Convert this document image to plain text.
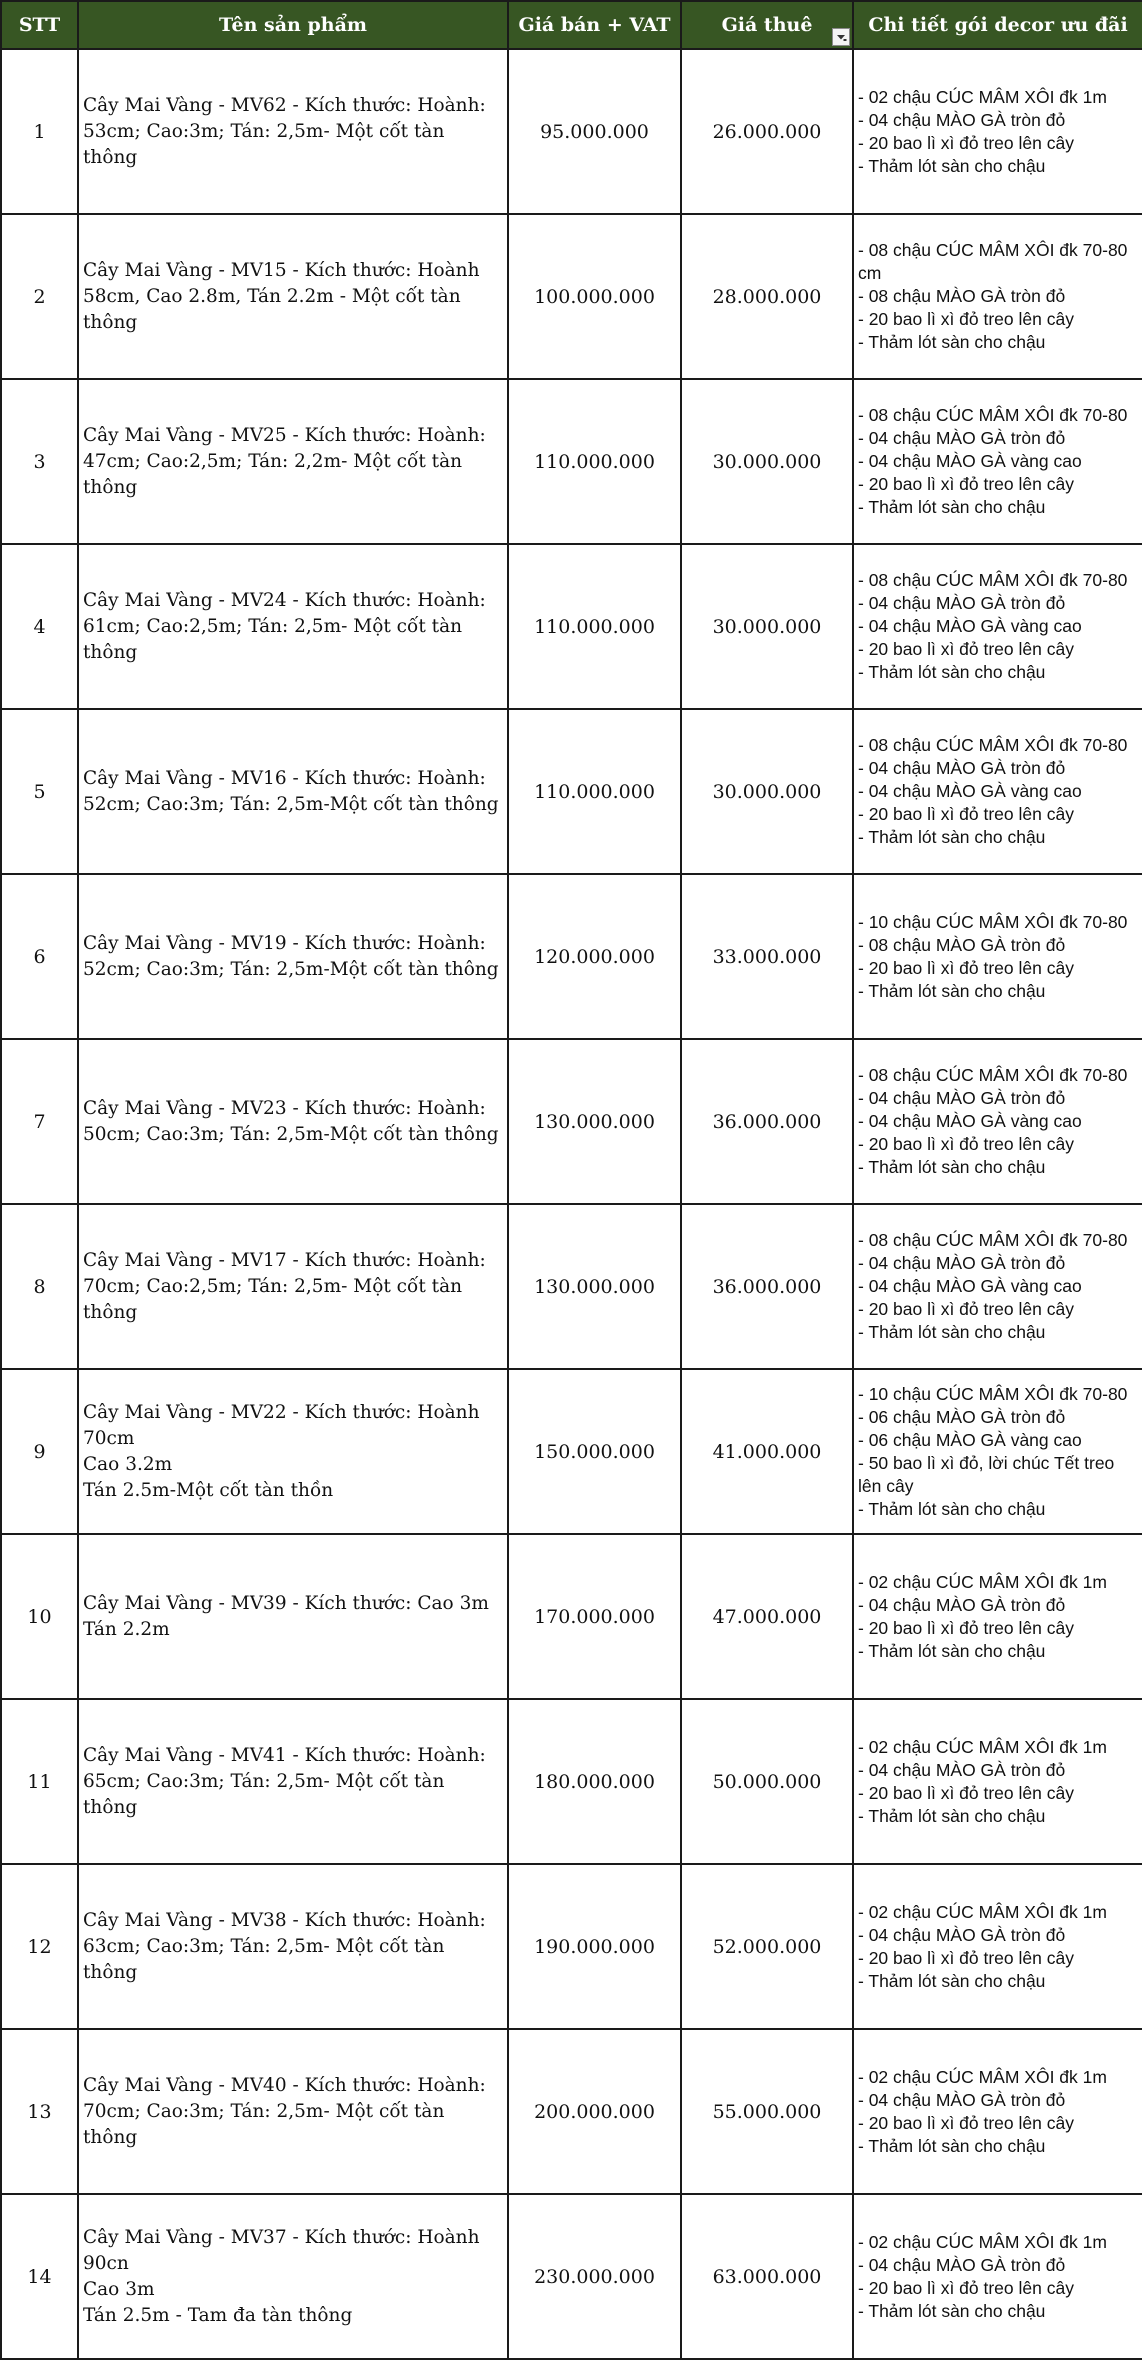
STT	Tên sản phẩm	Giá bán + VAT	Giá thuê	Chi tiết gói decor ưu đãi
1	Cây Mai Vàng - MV62 - Kích thước: Hoành: 53cm; Cao:3m; Tán: 2,5m- Một cốt tàn thông	95.000.000	26.000.000	- 02 chậu CÚC MÂM XÔI đk 1m
- 04 chậu MÀO GÀ tròn đỏ
- 20 bao lì xì đỏ treo lên cây
- Thảm lót sàn cho chậu

2	Cây Mai Vàng - MV15 - Kích thước: Hoành 58cm, Cao 2.8m, Tán 2.2m - Một cốt tàn thông	100.000.000	28.000.000	- 08 chậu CÚC MÂM XÔI đk 70-80 cm
- 08 chậu MÀO GÀ tròn đỏ
- 20 bao lì xì đỏ treo lên cây
- Thảm lót sàn cho chậu

3	Cây Mai Vàng - MV25 - Kích thước: Hoành: 47cm; Cao:2,5m; Tán: 2,2m- Một cốt tàn thông	110.000.000	30.000.000	- 08 chậu CÚC MÂM XÔI đk 70-80
- 04 chậu MÀO GÀ tròn đỏ
- 04 chậu MÀO GÀ vàng cao
- 20 bao lì xì đỏ treo lên cây
- Thảm lót sàn cho chậu

4	Cây Mai Vàng - MV24 - Kích thước: Hoành: 61cm; Cao:2,5m; Tán: 2,5m- Một cốt tàn thông	110.000.000	30.000.000	- 08 chậu CÚC MÂM XÔI đk 70-80
- 04 chậu MÀO GÀ tròn đỏ
- 04 chậu MÀO GÀ vàng cao
- 20 bao lì xì đỏ treo lên cây
- Thảm lót sàn cho chậu

5	Cây Mai Vàng - MV16 - Kích thước: Hoành: 52cm; Cao:3m; Tán: 2,5m-Một cốt tàn thông	110.000.000	30.000.000	- 08 chậu CÚC MÂM XÔI đk 70-80
- 04 chậu MÀO GÀ tròn đỏ
- 04 chậu MÀO GÀ vàng cao
- 20 bao lì xì đỏ treo lên cây
- Thảm lót sàn cho chậu

6	Cây Mai Vàng - MV19 - Kích thước: Hoành: 52cm; Cao:3m; Tán: 2,5m-Một cốt tàn thông	120.000.000	33.000.000	- 10 chậu CÚC MÂM XÔI đk 70-80
- 08 chậu MÀO GÀ tròn đỏ
- 20 bao lì xì đỏ treo lên cây
- Thảm lót sàn cho chậu

7	Cây Mai Vàng - MV23 - Kích thước: Hoành: 50cm; Cao:3m; Tán: 2,5m-Một cốt tàn thông	130.000.000	36.000.000	- 08 chậu CÚC MÂM XÔI đk 70-80
- 04 chậu MÀO GÀ tròn đỏ
- 04 chậu MÀO GÀ vàng cao
- 20 bao lì xì đỏ treo lên cây
- Thảm lót sàn cho chậu

8	Cây Mai Vàng - MV17 - Kích thước: Hoành: 70cm; Cao:2,5m; Tán: 2,5m- Một cốt tàn thông	130.000.000	36.000.000	- 08 chậu CÚC MÂM XÔI đk 70-80
- 04 chậu MÀO GÀ tròn đỏ
- 04 chậu MÀO GÀ vàng cao
- 20 bao lì xì đỏ treo lên cây
- Thảm lót sàn cho chậu

9	Cây Mai Vàng - MV22 - Kích thước: Hoành 70cm
Cao 3.2m
Tán 2.5m-Một cốt tàn thồn	150.000.000	41.000.000	- 10 chậu CÚC MÂM XÔI đk 70-80
- 06 chậu MÀO GÀ tròn đỏ
- 06 chậu MÀO GÀ vàng cao
- 50 bao lì xì đỏ, lời chúc Tết treo lên cây
- Thảm lót sàn cho chậu

10	Cây Mai Vàng - MV39 - Kích thước: Cao 3m
Tán 2.2m	170.000.000	47.000.000	- 02 chậu CÚC MÂM XÔI đk 1m
- 04 chậu MÀO GÀ tròn đỏ
- 20 bao lì xì đỏ treo lên cây
- Thảm lót sàn cho chậu

11	Cây Mai Vàng - MV41 - Kích thước: Hoành: 65cm; Cao:3m; Tán: 2,5m- Một cốt tàn thông	180.000.000	50.000.000	- 02 chậu CÚC MÂM XÔI đk 1m
- 04 chậu MÀO GÀ tròn đỏ
- 20 bao lì xì đỏ treo lên cây
- Thảm lót sàn cho chậu

12	Cây Mai Vàng - MV38 - Kích thước: Hoành: 63cm; Cao:3m; Tán: 2,5m- Một cốt tàn thông	190.000.000	52.000.000	- 02 chậu CÚC MÂM XÔI đk 1m
- 04 chậu MÀO GÀ tròn đỏ
- 20 bao lì xì đỏ treo lên cây
- Thảm lót sàn cho chậu

13	Cây Mai Vàng - MV40 - Kích thước: Hoành: 70cm; Cao:3m; Tán: 2,5m- Một cốt tàn thông	200.000.000	55.000.000	- 02 chậu CÚC MÂM XÔI đk 1m
- 04 chậu MÀO GÀ tròn đỏ
- 20 bao lì xì đỏ treo lên cây
- Thảm lót sàn cho chậu

14	Cây Mai Vàng - MV37 - Kích thước: Hoành 90cn
Cao 3m
Tán 2.5m - Tam đa tàn thông	230.000.000	63.000.000	- 02 chậu CÚC MÂM XÔI đk 1m
- 04 chậu MÀO GÀ tròn đỏ
- 20 bao lì xì đỏ treo lên cây
- Thảm lót sàn cho chậu
